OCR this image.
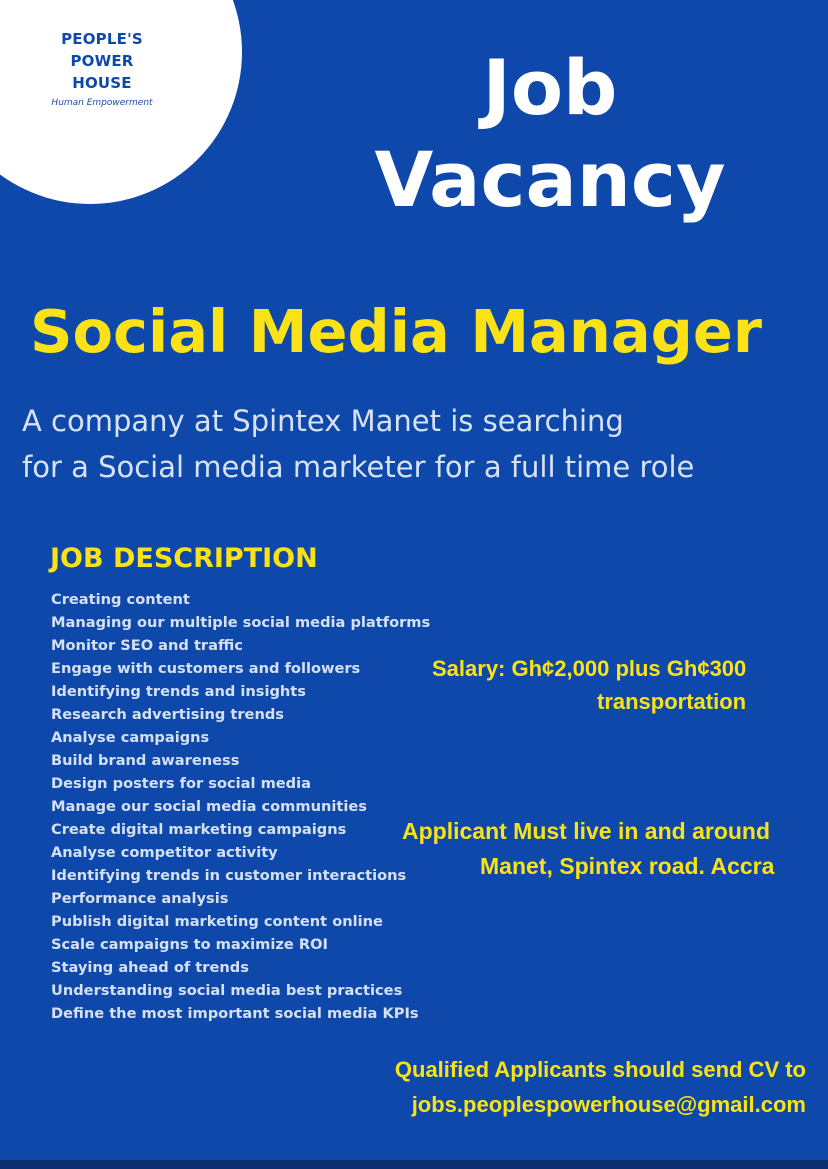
PEOPLE'S
POWER
HOUSE
Human Empowerment	Job
Vacancy
Social Media Manager
A company at Spintex Manet is searching
for a Social media marketer for a full time role
JOB DESCRIPTION
Creating content
Managing our multiple social media platforms
Monitor SEO and traffic
Engage with customers and followers
Identifying trends and insights
Research advertising trends
Analyse campaigns
Build brand awareness
Design posters for social media
Manage our social media communities
Create digital marketing campaigns
Analyse competitor activity
Identifying trends in customer interactions
Performance analysis
Publish digital marketing content online
Scale campaigns to maximize ROI
Staying ahead of trends
Understanding social media best practices
Define the most important social media KPIs
Salary: Gh¢2,000 plus Gh¢300
transportation
Applicant Must live in and around
Manet, Spintex road. Accra
Qualified Applicants should send CV to
jobs.peoplespowerhouse@gmail.com
